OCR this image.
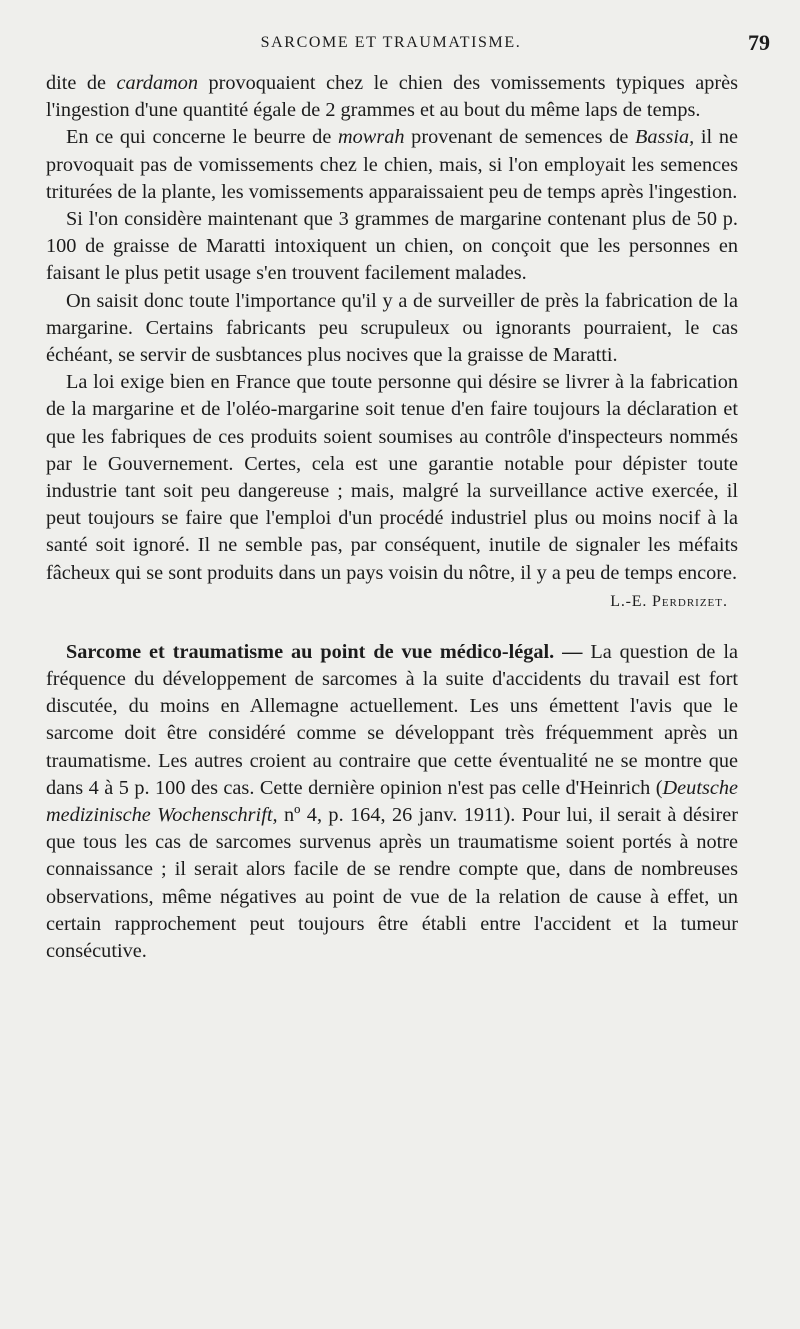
SARCOME ET TRAUMATISME.	79

dite de cardamon provoquaient chez le chien des vomissements typiques après l'ingestion d'une quantité égale de 2 grammes et au bout du même laps de temps.

En ce qui concerne le beurre de mowrah provenant de semences de Bassia, il ne provoquait pas de vomissements chez le chien, mais, si l'on employait les semences triturées de la plante, les vomissements apparaissaient peu de temps après l'ingestion.

Si l'on considère maintenant que 3 grammes de margarine contenant plus de 50 p. 100 de graisse de Maratti intoxiquent un chien, on conçoit que les personnes en faisant le plus petit usage s'en trouvent facilement malades.

On saisit donc toute l'importance qu'il y a de surveiller de près la fabrication de la margarine. Certains fabricants peu scrupuleux ou ignorants pourraient, le cas échéant, se servir de susbtances plus nocives que la graisse de Maratti.

La loi exige bien en France que toute personne qui désire se livrer à la fabrication de la margarine et de l'oléo-margarine soit tenue d'en faire toujours la déclaration et que les fabriques de ces produits soient soumises au contrôle d'inspecteurs nommés par le Gouvernement. Certes, cela est une garantie notable pour dépister toute industrie tant soit peu dangereuse ; mais, malgré la surveillance active exercée, il peut toujours se faire que l'emploi d'un procédé industriel plus ou moins nocif à la santé soit ignoré. Il ne semble pas, par conséquent, inutile de signaler les méfaits fâcheux qui se sont produits dans un pays voisin du nôtre, il y a peu de temps encore.

L.-E. Perdrizet.

Sarcome et traumatisme au point de vue médico-légal. — La question de la fréquence du développement de sarcomes à la suite d'accidents du travail est fort discutée, du moins en Allemagne actuellement. Les uns émettent l'avis que le sarcome doit être considéré comme se développant très fréquemment après un traumatisme. Les autres croient au contraire que cette éventualité ne se montre que dans 4 à 5 p. 100 des cas. Cette dernière opinion n'est pas celle d'Heinrich (Deutsche medizinische Wochenschrift, nº 4, p. 164, 26 janv. 1911). Pour lui, il serait à désirer que tous les cas de sarcomes survenus après un traumatisme soient portés à notre connaissance ; il serait alors facile de se rendre compte que, dans de nombreuses observations, même négatives au point de vue de la relation de cause à effet, un certain rapprochement peut toujours être établi entre l'accident et la tumeur consécutive.
